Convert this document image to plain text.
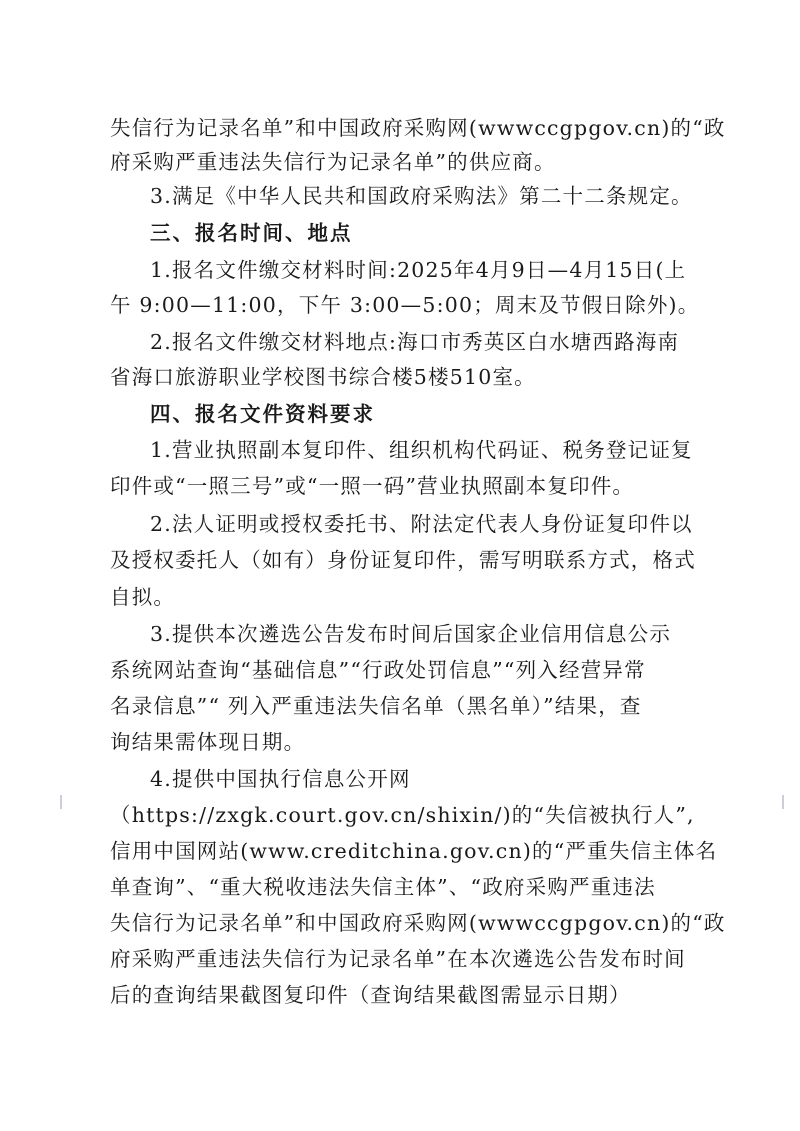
失信行为记录名单”和中国政府采购网(wwwccgpgov.cn)的“政
府采购严重违法失信行为记录名单”的供应商。
3.满足《中华人民共和国政府采购法》第二十二条规定。
三、报名时间、地点
1.报名文件缴交材料时间:2025年4月9日—4月15日(上
午 9:00—11:00，下午 3:00—5:00；周末及节假日除外)。
2.报名文件缴交材料地点:海口市秀英区白水塘西路海南
省海口旅游职业学校图书综合楼5楼510室。
四、报名文件资料要求
1.营业执照副本复印件、组织机构代码证、税务登记证复
印件或“一照三号”或“一照一码”营业执照副本复印件。
2.法人证明或授权委托书、附法定代表人身份证复印件以
及授权委托人（如有）身份证复印件，需写明联系方式，格式
自拟。
3.提供本次遴选公告发布时间后国家企业信用信息公示
系统网站查询“基础信息”“行政处罚信息”“列入经营异常
名录信息”“ 列入严重违法失信名单（黑名单）”结果，查
询结果需体现日期。
4.提供中国执行信息公开网
（https://zxgk.court.gov.cn/shixin/)的“失信被执行人”,
信用中国网站(www.creditchina.gov.cn)的“严重失信主体名
单查询”、“重大税收违法失信主体”、“政府采购严重违法
失信行为记录名单”和中国政府采购网(wwwccgpgov.cn)的“政
府采购严重违法失信行为记录名单”在本次遴选公告发布时间
后的查询结果截图复印件（查询结果截图需显示日期）
